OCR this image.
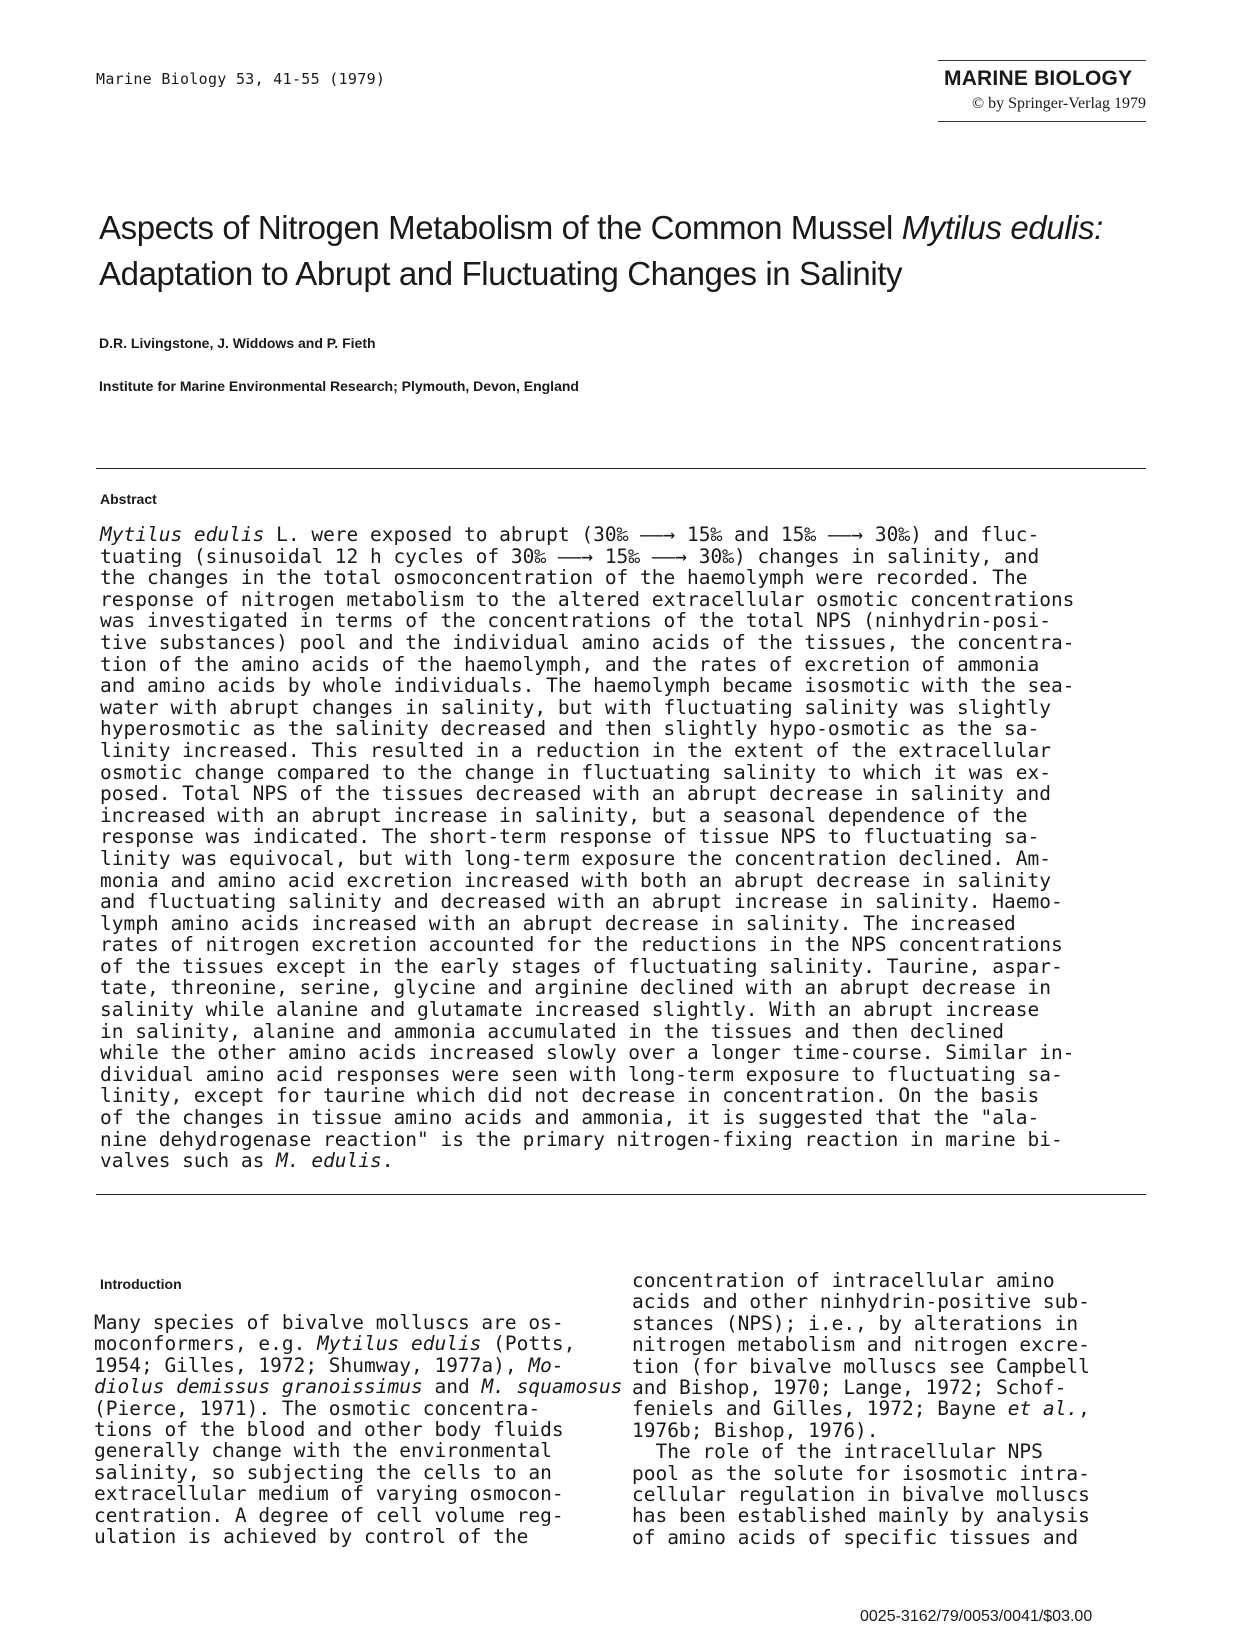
Marine Biology 53, 41-55 (1979)	MARINE BIOLOGY
© by Springer-Verlag 1979
Aspects of Nitrogen Metabolism of the Common Mussel Mytilus edulis:
Adaptation to Abrupt and Fluctuating Changes in Salinity
D.R. Livingstone, J. Widdows and P. Fieth
Institute for Marine Environmental Research; Plymouth, Devon, England
Abstract
Mytilus edulis L. were exposed to abrupt (30‰ ——→ 15‰ and 15‰ ——→ 30‰) and fluc-
tuating (sinusoidal 12 h cycles of 30‰ ——→ 15‰ ——→ 30‰) changes in salinity, and
the changes in the total osmoconcentration of the haemolymph were recorded. The
response of nitrogen metabolism to the altered extracellular osmotic concentrations
was investigated in terms of the concentrations of the total NPS (ninhydrin-posi-
tive substances) pool and the individual amino acids of the tissues, the concentra-
tion of the amino acids of the haemolymph, and the rates of excretion of ammonia
and amino acids by whole individuals. The haemolymph became isosmotic with the sea-
water with abrupt changes in salinity, but with fluctuating salinity was slightly
hyperosmotic as the salinity decreased and then slightly hypo-osmotic as the sa-
linity increased. This resulted in a reduction in the extent of the extracellular
osmotic change compared to the change in fluctuating salinity to which it was ex-
posed. Total NPS of the tissues decreased with an abrupt decrease in salinity and
increased with an abrupt increase in salinity, but a seasonal dependence of the
response was indicated. The short-term response of tissue NPS to fluctuating sa-
linity was equivocal, but with long-term exposure the concentration declined. Am-
monia and amino acid excretion increased with both an abrupt decrease in salinity
and fluctuating salinity and decreased with an abrupt increase in salinity. Haemo-
lymph amino acids increased with an abrupt decrease in salinity. The increased
rates of nitrogen excretion accounted for the reductions in the NPS concentrations
of the tissues except in the early stages of fluctuating salinity. Taurine, aspar-
tate, threonine, serine, glycine and arginine declined with an abrupt decrease in
salinity while alanine and glutamate increased slightly. With an abrupt increase
in salinity, alanine and ammonia accumulated in the tissues and then declined
while the other amino acids increased slowly over a longer time-course. Similar in-
dividual amino acid responses were seen with long-term exposure to fluctuating sa-
linity, except for taurine which did not decrease in concentration. On the basis
of the changes in tissue amino acids and ammonia, it is suggested that the "ala-
nine dehydrogenase reaction" is the primary nitrogen-fixing reaction in marine bi-
valves such as M. edulis.
Introduction
Many species of bivalve molluscs are os-
moconformers, e.g. Mytilus edulis (Potts,
1954; Gilles, 1972; Shumway, 1977a), Mo-
diolus demissus granoissimus and M. squamosus
(Pierce, 1971). The osmotic concentra-
tions of the blood and other body fluids
generally change with the environmental
salinity, so subjecting the cells to an
extracellular medium of varying osmocon-
centration. A degree of cell volume reg-
ulation is achieved by control of the
concentration of intracellular amino
acids and other ninhydrin-positive sub-
stances (NPS); i.e., by alterations in
nitrogen metabolism and nitrogen excre-
tion (for bivalve molluscs see Campbell
and Bishop, 1970; Lange, 1972; Schof-
feniels and Gilles, 1972; Bayne et al.,
1976b; Bishop, 1976).
The role of the intracellular NPS
pool as the solute for isosmotic intra-
cellular regulation in bivalve molluscs
has been established mainly by analysis
of amino acids of specific tissues and
0025-3162/79/0053/0041/$03.00
